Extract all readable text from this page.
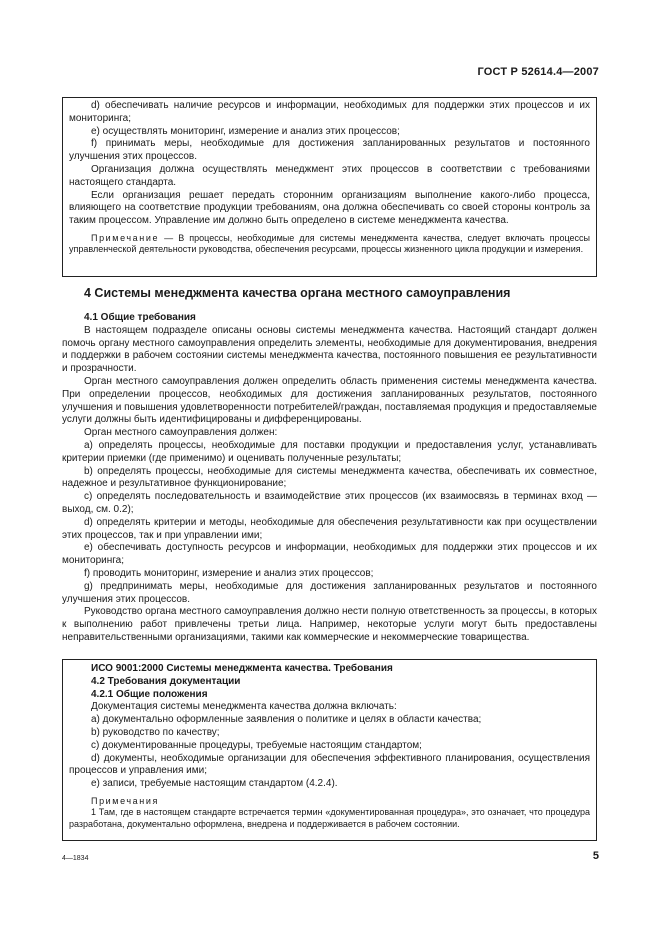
ГОСТ Р 52614.4—2007

d) обеспечивать наличие ресурсов и информации, необходимых для поддержки этих процессов и их мониторинга;

e) осуществлять мониторинг, измерение и анализ этих процессов;

f) принимать меры, необходимые для достижения запланированных результатов и постоянного улучшения этих процессов.

Организация должна осуществлять менеджмент этих процессов в соответствии с требованиями настоящего стандарта.

Если организация решает передать сторонним организациям выполнение какого-либо процесса, влияющего на соответствие продукции требованиям, она должна обеспечивать со своей стороны контроль за таким процессом. Управление им должно быть определено в системе менеджмента качества.

Примечание — В процессы, необходимые для системы менеджмента качества, следует включать процессы управленческой деятельности руководства, обеспечения ресурсами, процессы жизненного цикла продукции и измерения.

4 Системы менеджмента качества органа местного самоуправления

4.1 Общие требования

В настоящем подразделе описаны основы системы менеджмента качества. Настоящий стандарт должен помочь органу местного самоуправления определить элементы, необходимые для документирования, внедрения и поддержки в рабочем состоянии системы менеджмента качества, постоянного повышения ее результативности и прозрачности.

Орган местного самоуправления должен определить область применения системы менеджмента качества. При определении процессов, необходимых для достижения запланированных результатов, постоянного улучшения и повышения удовлетворенности потребителей/граждан, поставляемая продукция и предоставляемые услуги должны быть идентифицированы и дифференцированы.

Орган местного самоуправления должен:

a) определять процессы, необходимые для поставки продукции и предоставления услуг, устанавливать критерии приемки (где применимо) и оценивать полученные результаты;

b) определять процессы, необходимые для системы менеджмента качества, обеспечивать их совместное, надежное и результативное функционирование;

c) определять последовательность и взаимодействие этих процессов (их взаимосвязь в терминах вход — выход, см. 0.2);

d) определять критерии и методы, необходимые для обеспечения результативности как при осуществлении этих процессов, так и при управлении ими;

e) обеспечивать доступность ресурсов и информации, необходимых для поддержки этих процессов и их мониторинга;

f) проводить мониторинг, измерение и анализ этих процессов;

g) предпринимать меры, необходимые для достижения запланированных результатов и постоянного улучшения этих процессов.

Руководство органа местного самоуправления должно нести полную ответственность за процессы, в которых к выполнению работ привлечены третьи лица. Например, некоторые услуги могут быть предоставлены неправительственными организациями, такими как коммерческие и некоммерческие товарищества.

ИСО 9001:2000 Системы менеджмента качества. Требования

4.2 Требования документации

4.2.1 Общие положения

Документация системы менеджмента качества должна включать:

a) документально оформленные заявления о политике и целях в области качества;

b) руководство по качеству;

c) документированные процедуры, требуемые настоящим стандартом;

d) документы, необходимые организации для обеспечения эффективного планирования, осуществления процессов и управления ими;

e) записи, требуемые настоящим стандартом (4.2.4).

Примечания

1 Там, где в настоящем стандарте встречается термин «документированная процедура», это означает, что процедура разработана, документально оформлена, внедрена и поддерживается в рабочем состоянии.

4—1834	5
